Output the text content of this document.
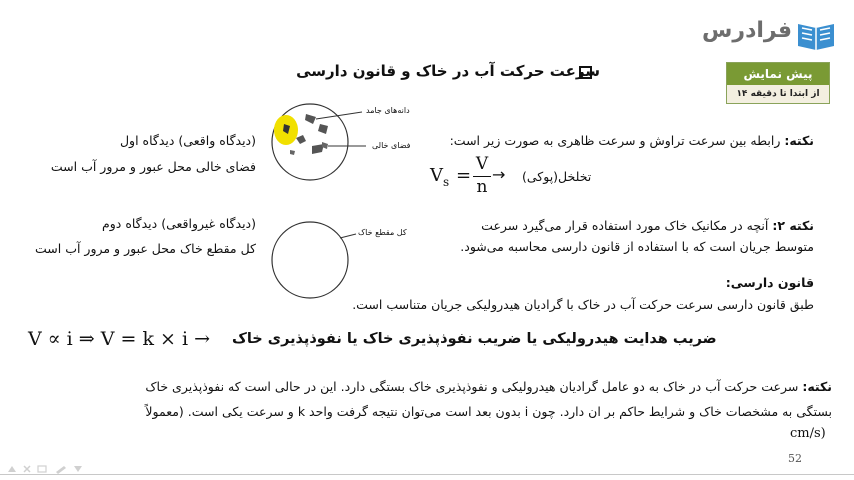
فرادرس
پیش نمایش
از ابتدا تا دقیقه ۱۴
سرعت حرکت آب در خاک و قانون دارسی
نکته: رابطه بین سرعت تراوش و سرعت ظاهری به صورت زیر است:
V s =
V
n
→ تخلخل(پوکی)
(دیدگاه واقعی) دیدگاه اول
فضای خالی محل عبور و مرور آب است
دانه‌های جامد
فضای خالی
نکته ۲: آنچه در مکانیک خاک مورد استفاده قرار می‌گیرد سرعت
متوسط جریان است که با استفاده از قانون دارسی محاسبه می‌شود.
(دیدگاه غیرواقعی) دیدگاه دوم
کل مقطع خاک محل عبور و مرور آب است
کل مقطع خاک
قانون دارسی:
طبق قانون دارسی سرعت حرکت آب در خاک با گرادیان هیدرولیکی جریان متناسب است.
V ∝ i ⇒ V = k × i → ضریب هدایت هیدرولیکی یا ضریب نفوذپذیری خاک یا نفوذپذیری خاک
نکته: سرعت حرکت آب در خاک به دو عامل گرادیان هیدرولیکی و نفوذپذیری خاک بستگی دارد. این در حالی است که نفوذپذیری خاک
بستگی به مشخصات خاک و شرایط حاکم بر ان دارد. چون i بدون بعد است می‌توان نتیجه گرفت واحد k و سرعت یکی است. (معمولاً
cm/s)
52
